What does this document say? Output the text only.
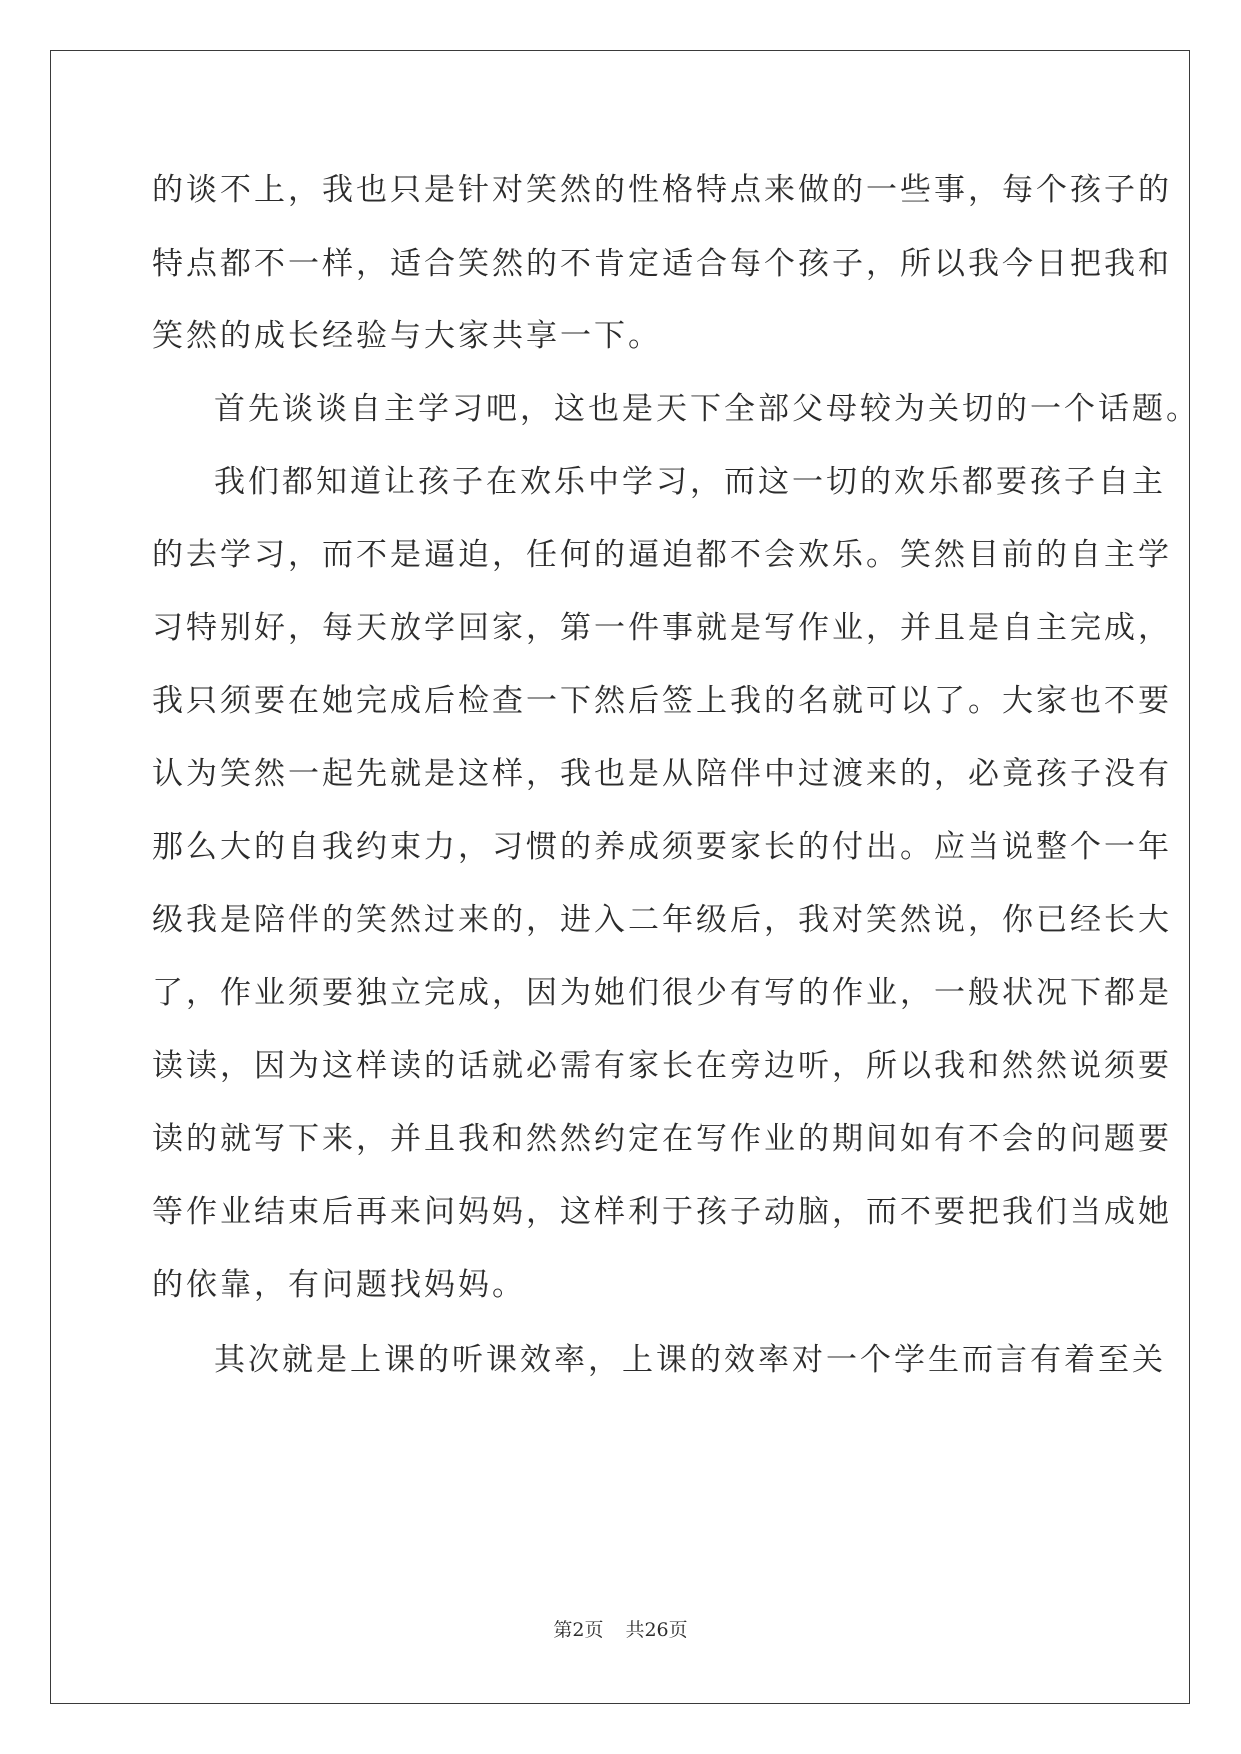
的谈不上，我也只是针对笑然的性格特点来做的一些事，每个孩子的
特点都不一样，适合笑然的不肯定适合每个孩子，所以我今日把我和
笑然的成长经验与大家共享一下。
首先谈谈自主学习吧，这也是天下全部父母较为关切的一个话题。
我们都知道让孩子在欢乐中学习，而这一切的欢乐都要孩子自主
的去学习，而不是逼迫，任何的逼迫都不会欢乐。笑然目前的自主学
习特别好，每天放学回家，第一件事就是写作业，并且是自主完成，
我只须要在她完成后检查一下然后签上我的名就可以了。大家也不要
认为笑然一起先就是这样，我也是从陪伴中过渡来的，必竟孩子没有
那么大的自我约束力，习惯的养成须要家长的付出。应当说整个一年
级我是陪伴的笑然过来的，进入二年级后，我对笑然说，你已经长大
了，作业须要独立完成，因为她们很少有写的作业，一般状况下都是
读读，因为这样读的话就必需有家长在旁边听，所以我和然然说须要
读的就写下来，并且我和然然约定在写作业的期间如有不会的问题要
等作业结束后再来问妈妈，这样利于孩子动脑，而不要把我们当成她
的依靠，有问题找妈妈。
其次就是上课的听课效率，上课的效率对一个学生而言有着至关
第2页 共26页
